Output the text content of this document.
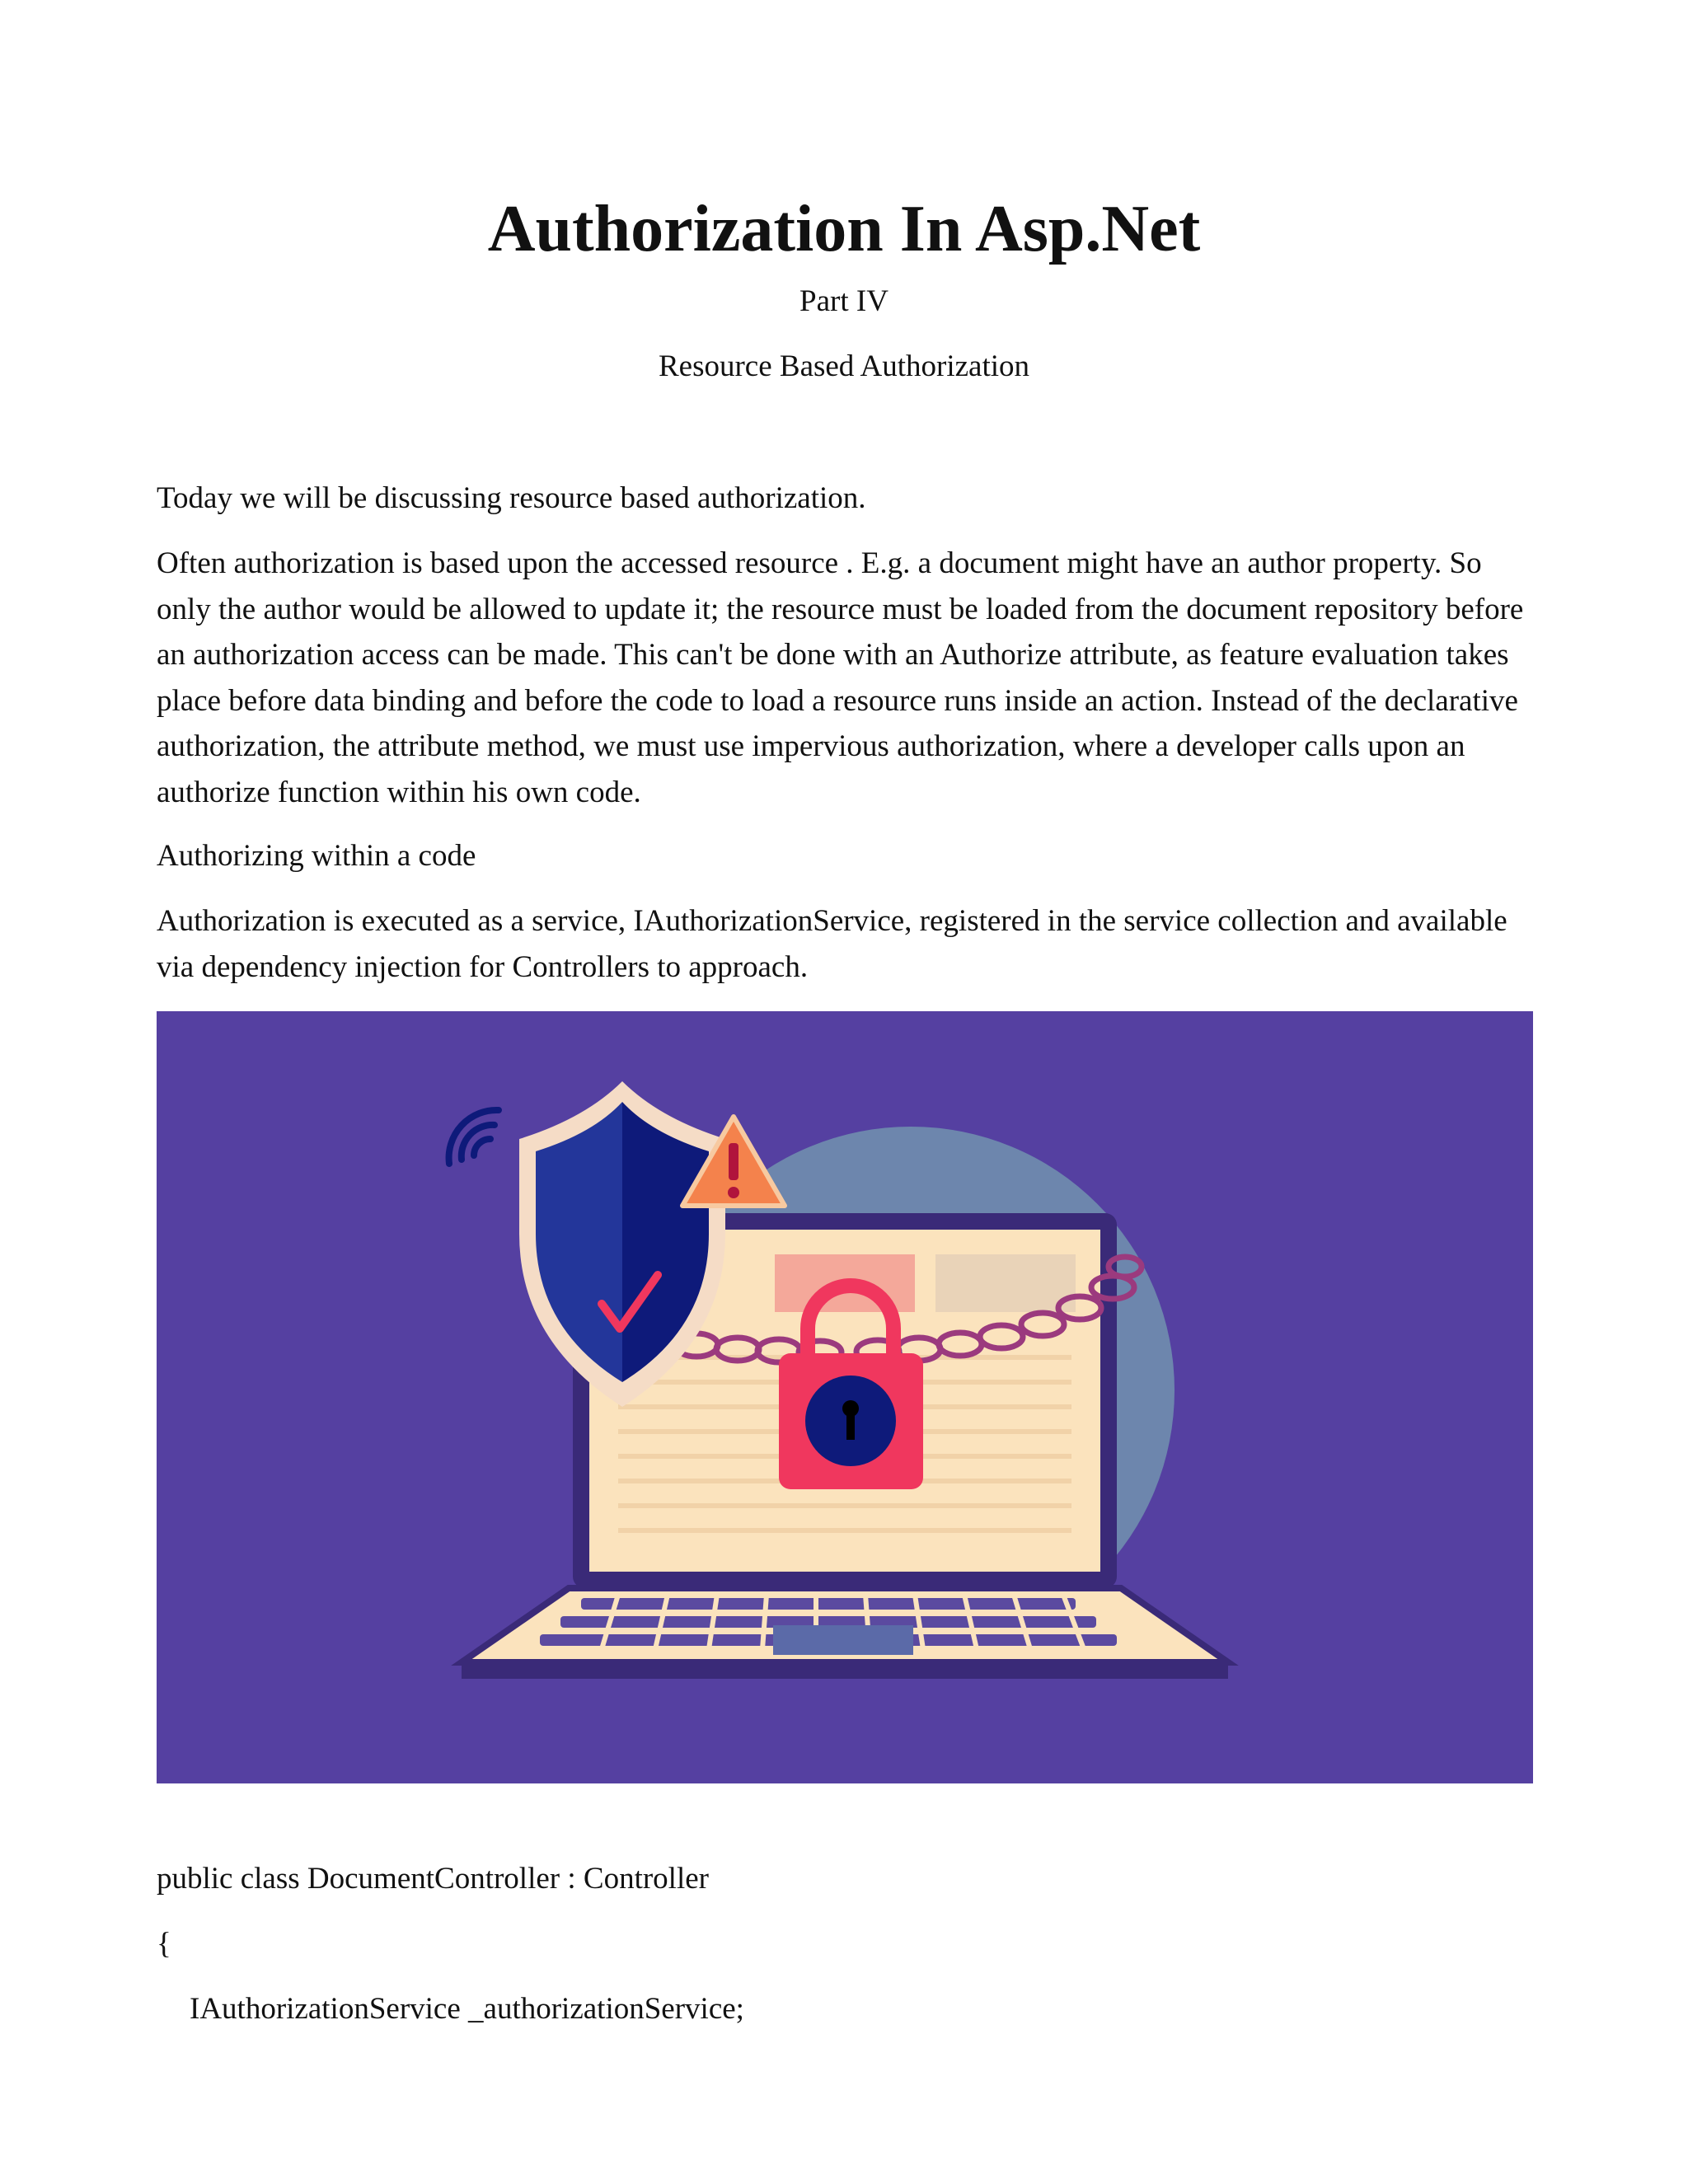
Authorization In Asp.Net

Part IV

Resource Based Authorization

Today we will be discussing resource based authorization.

Often authorization is based upon the accessed resource . E.g. a document might have an author property. So only the author would be allowed to update it; the resource must be loaded from the document repository before an authorization access can be made. This can't be done with an Authorize attribute, as feature evaluation takes place before data binding and before the code to load a resource runs inside an action. Instead of the declarative authorization, the attribute method, we must use impervious authorization, where a developer calls upon an authorize function within his own code.

Authorizing within a code

Authorization is executed as a service, IAuthorizationService, registered in the service collection and available via dependency injection for Controllers to approach.

public class DocumentController : Controller

{

IAuthorizationService _authorizationService;
